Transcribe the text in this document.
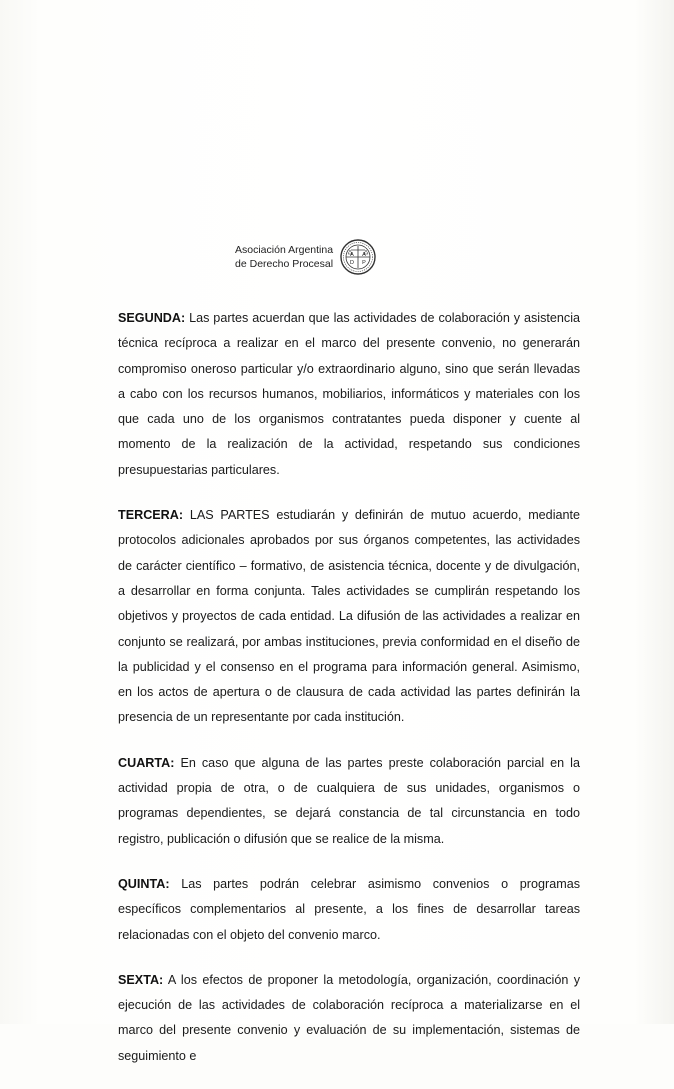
Asociación Argentina
de Derecho Procesal
A
D
A
P

SEGUNDA: Las partes acuerdan que las actividades de colaboración y asistencia técnica recíproca a realizar en el marco del presente convenio, no generarán compromiso oneroso particular y/o extraordinario alguno, sino que serán llevadas a cabo con los recursos humanos, mobiliarios, informáticos y materiales con los que cada uno de los organismos contratantes pueda disponer y cuente al momento de la realización de la actividad, respetando sus condiciones presupuestarias particulares.

TERCERA: LAS PARTES estudiarán y definirán de mutuo acuerdo, mediante protocolos adicionales aprobados por sus órganos competentes, las actividades de carácter científico – formativo, de asistencia técnica, docente y de divulgación, a desarrollar en forma conjunta. Tales actividades se cumplirán respetando los objetivos y proyectos de cada entidad. La difusión de las actividades a realizar en conjunto se realizará, por ambas instituciones, previa conformidad en el diseño de la publicidad y el consenso en el programa para información general. Asimismo, en los actos de apertura o de clausura de cada actividad las partes definirán la presencia de un representante por cada institución.

CUARTA: En caso que alguna de las partes preste colaboración parcial en la actividad propia de otra, o de cualquiera de sus unidades, organismos o programas dependientes, se dejará constancia de tal circunstancia en todo registro, publicación o difusión que se realice de la misma.

QUINTA: Las partes podrán celebrar asimismo convenios o programas específicos complementarios al presente, a los fines de desarrollar tareas relacionadas con el objeto del convenio marco.

SEXTA: A los efectos de proponer la metodología, organización, coordinación y ejecución de las actividades de colaboración recíproca a materializarse en el marco del presente convenio y evaluación de su implementación, sistemas de seguimiento e
